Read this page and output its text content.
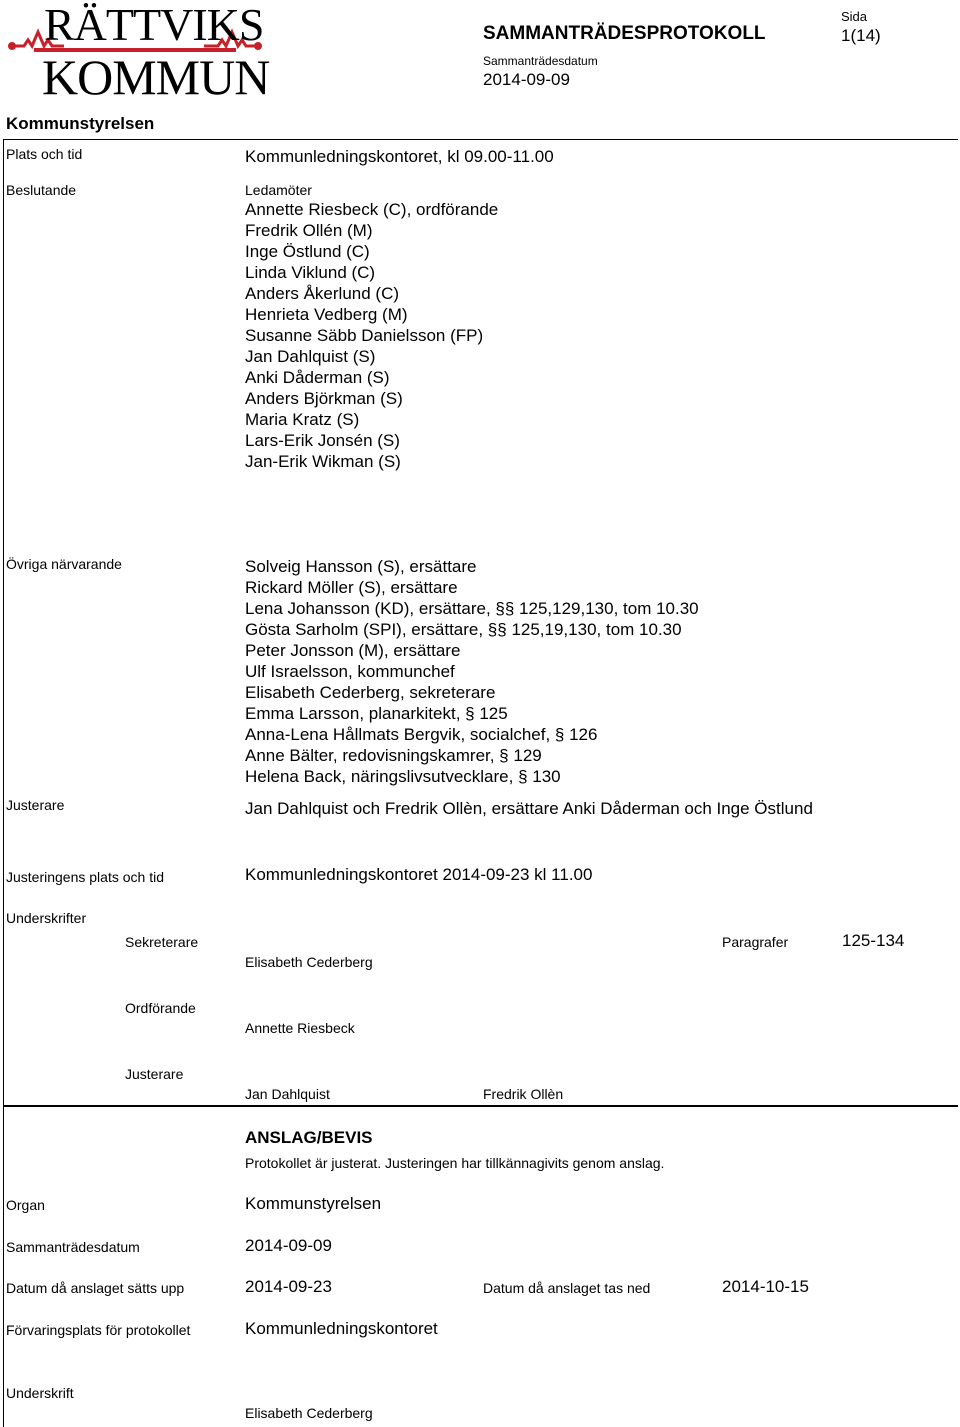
RÄTTVIKS
KOMMUN
SAMMANTRÄDESPROTOKOLL
Sida
1(14)
Sammanträdesdatum
2014-09-09
Kommunstyrelsen
Plats och tid	Kommunledningskontoret, kl 09.00-11.00
Beslutande	Ledamöter
Annette Riesbeck (C), ordförande
Fredrik Ollén (M)
Inge Östlund (C)
Linda Viklund (C)
Anders Åkerlund (C)
Henrieta Vedberg (M)
Susanne Säbb Danielsson (FP)
Jan Dahlquist (S)
Anki Dåderman (S)
Anders Björkman (S)
Maria Kratz (S)
Lars-Erik Jonsén (S)
Jan-Erik Wikman (S)
Övriga närvarande	Solveig Hansson (S), ersättare
Rickard Möller (S), ersättare
Lena Johansson (KD), ersättare, §§ 125,129,130, tom 10.30
Gösta Sarholm (SPI), ersättare, §§ 125,19,130, tom 10.30
Peter Jonsson (M), ersättare
Ulf Israelsson, kommunchef
Elisabeth Cederberg, sekreterare
Emma Larsson, planarkitekt, § 125
Anna-Lena Hållmats Bergvik, socialchef, § 126
Anne Bälter, redovisningskamrer, § 129
Helena Back, näringslivsutvecklare, § 130
Justerare	Jan Dahlquist och Fredrik Ollèn, ersättare Anki Dåderman och Inge Östlund
Justeringens plats och tid	Kommunledningskontoret 2014-09-23 kl 11.00
Underskrifter
Sekreterare
Elisabeth Cederberg
Paragrafer	125-134
Ordförande
Annette Riesbeck
Justerare
Jan Dahlquist	Fredrik Ollèn
ANSLAG/BEVIS
Protokollet är justerat. Justeringen har tillkännagivits genom anslag.
Organ	Kommunstyrelsen
Sammanträdesdatum	2014-09-09
Datum då anslaget sätts upp	2014-09-23	Datum då anslaget tas ned	2014-10-15
Förvaringsplats för protokollet	Kommunledningskontoret
Underskrift
Elisabeth Cederberg
